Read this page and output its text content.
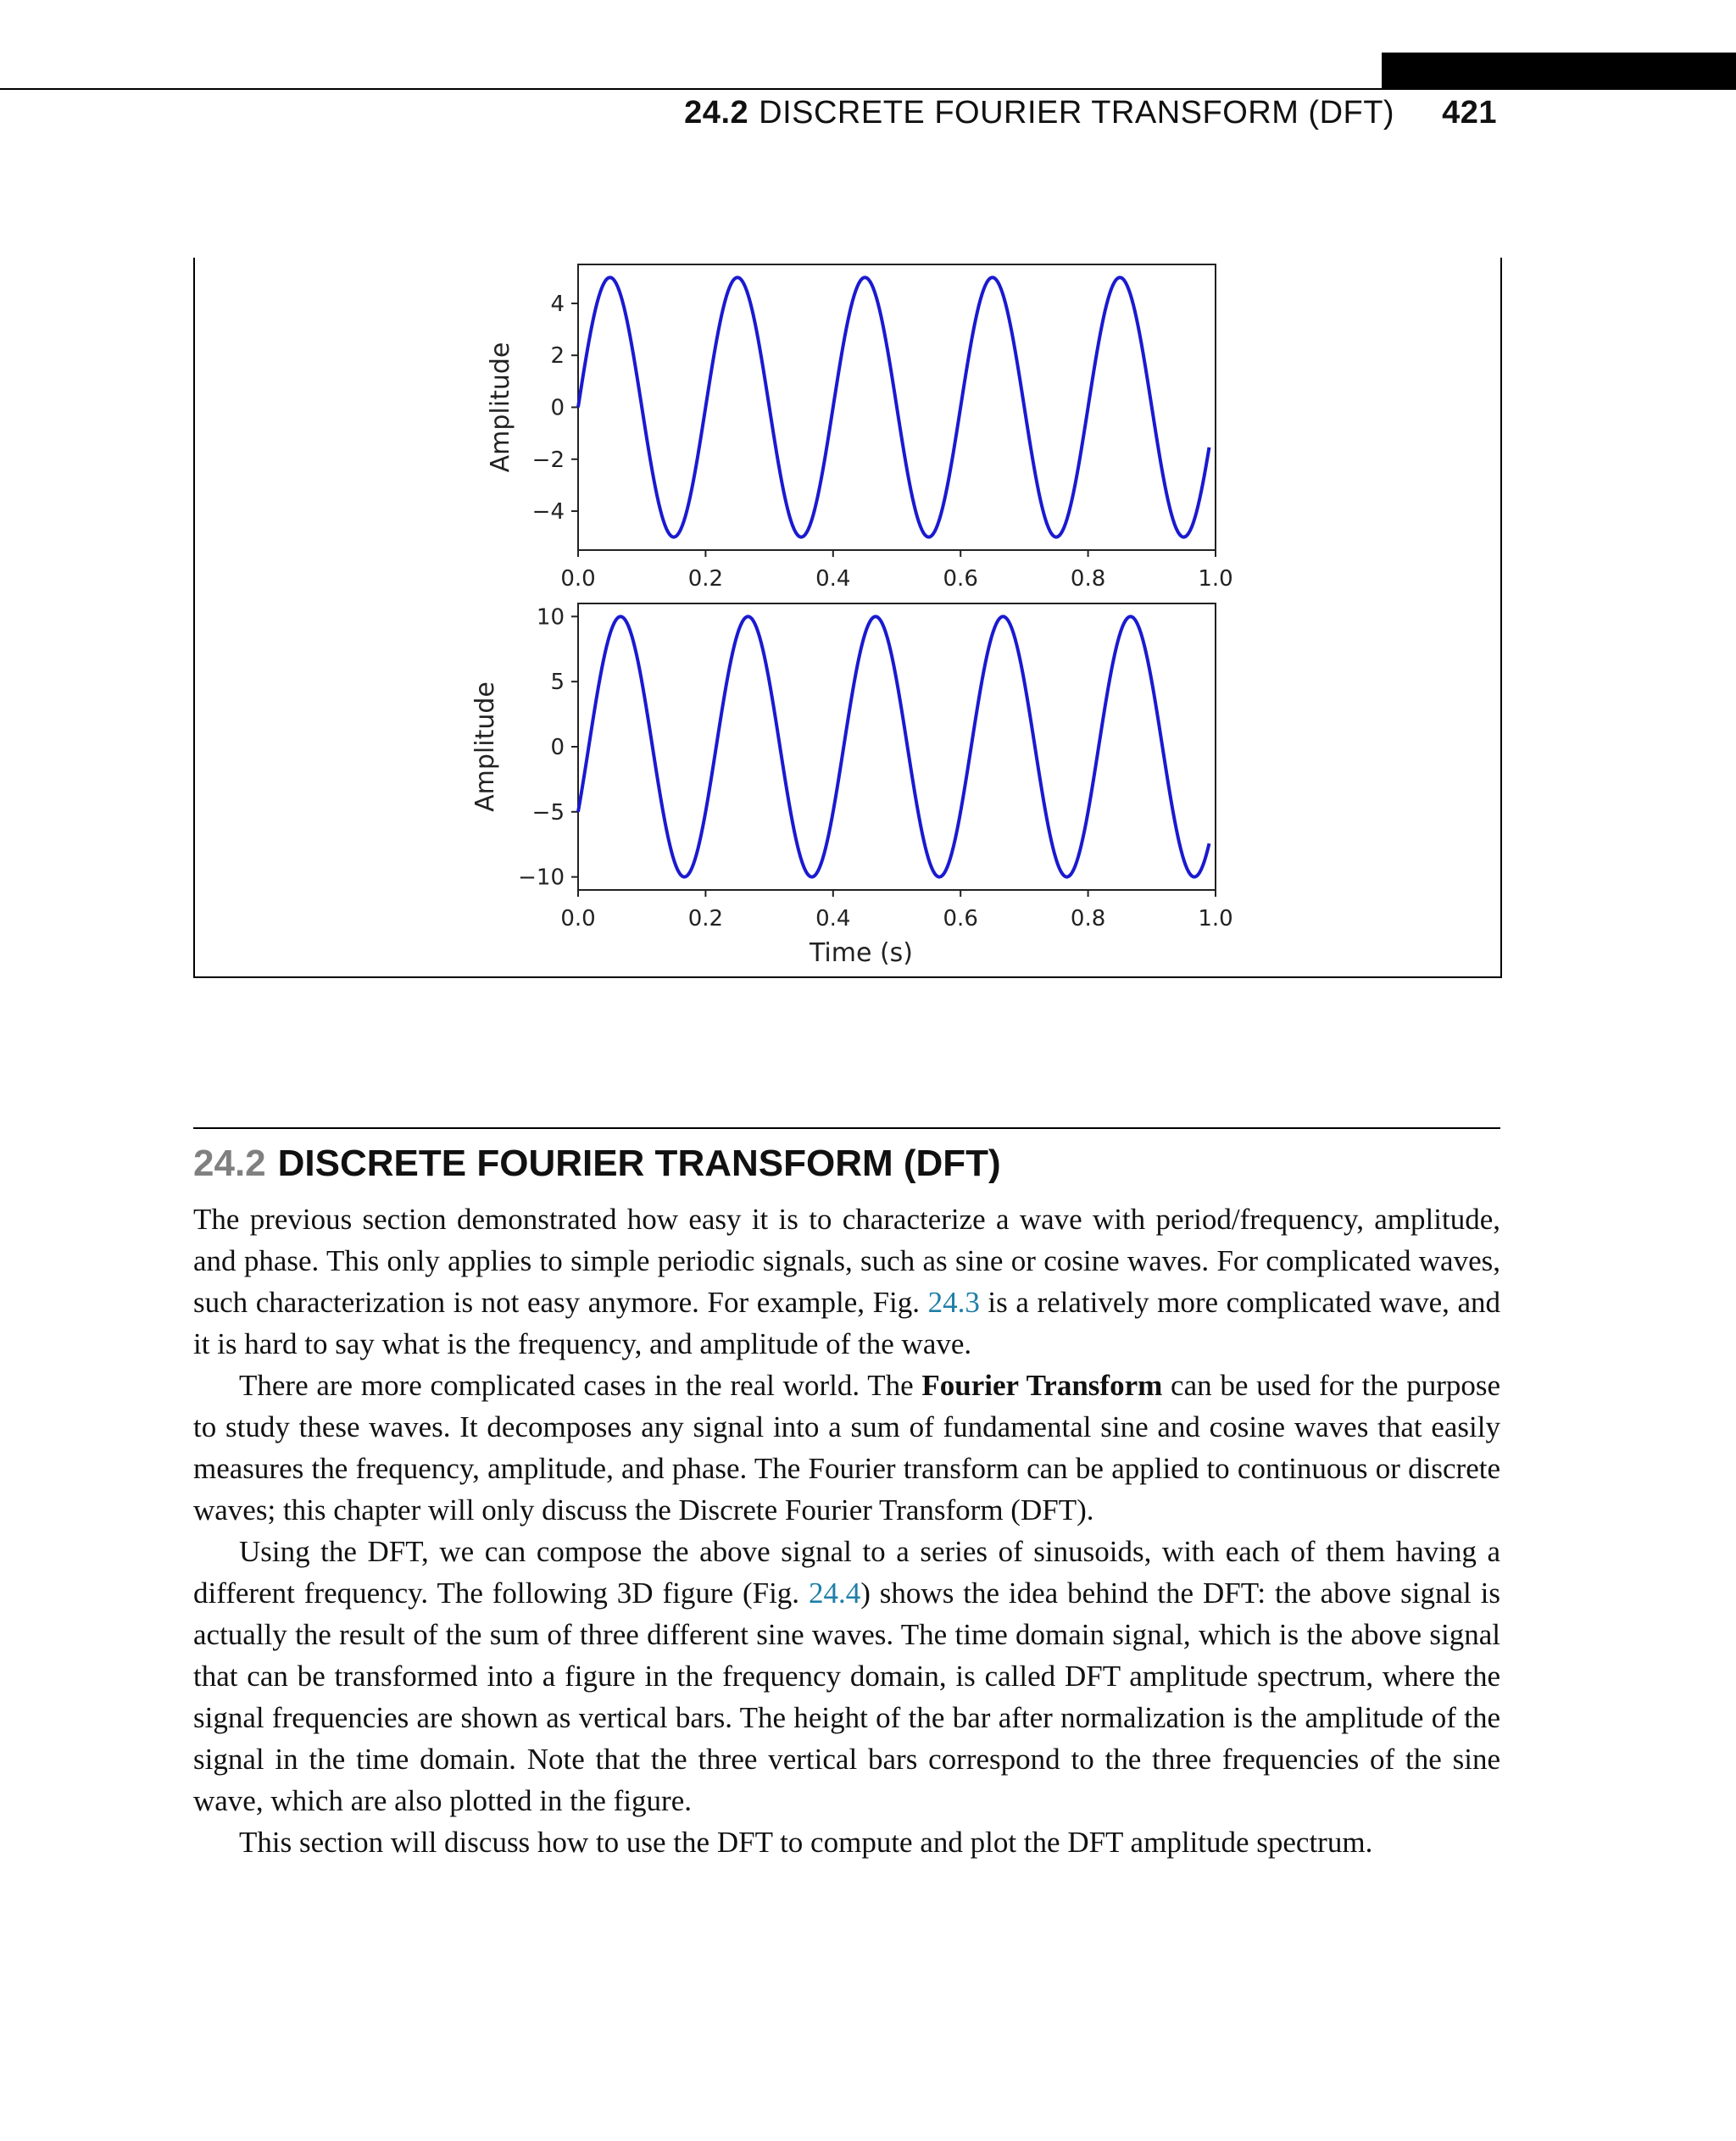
24.2 DISCRETE FOURIER TRANSFORM (DFT) 421
0.0	0.2	0.4	0.6	0.8	1.0
4
2
0
−2
−4
Amplitude
0.0	0.2	0.4	0.6	0.8	1.0
10
5
0
−5
−10
Amplitude
Time (s)
24.2 DISCRETE FOURIER TRANSFORM (DFT)

The previous section demonstrated how easy it is to characterize a wave with period/frequency, amplitude, and phase. This only applies to simple periodic signals, such as sine or cosine waves. For complicated waves, such characterization is not easy anymore. For example, Fig. 24.3 is a relatively more complicated wave, and it is hard to say what is the frequency, and amplitude of the wave.

There are more complicated cases in the real world. The Fourier Transform can be used for the purpose to study these waves. It decomposes any signal into a sum of fundamental sine and cosine waves that easily measures the frequency, amplitude, and phase. The Fourier transform can be applied to continuous or discrete waves; this chapter will only discuss the Discrete Fourier Transform (DFT).

Using the DFT, we can compose the above signal to a series of sinusoids, with each of them having a different frequency. The following 3D figure (Fig. 24.4) shows the idea behind the DFT: the above signal is actually the result of the sum of three different sine waves. The time domain signal, which is the above signal that can be transformed into a figure in the frequency domain, is called DFT amplitude spectrum, where the signal frequencies are shown as vertical bars. The height of the bar after normalization is the amplitude of the signal in the time domain. Note that the three vertical bars correspond to the three frequencies of the sine wave, which are also plotted in the figure.

This section will discuss how to use the DFT to compute and plot the DFT amplitude spectrum.
